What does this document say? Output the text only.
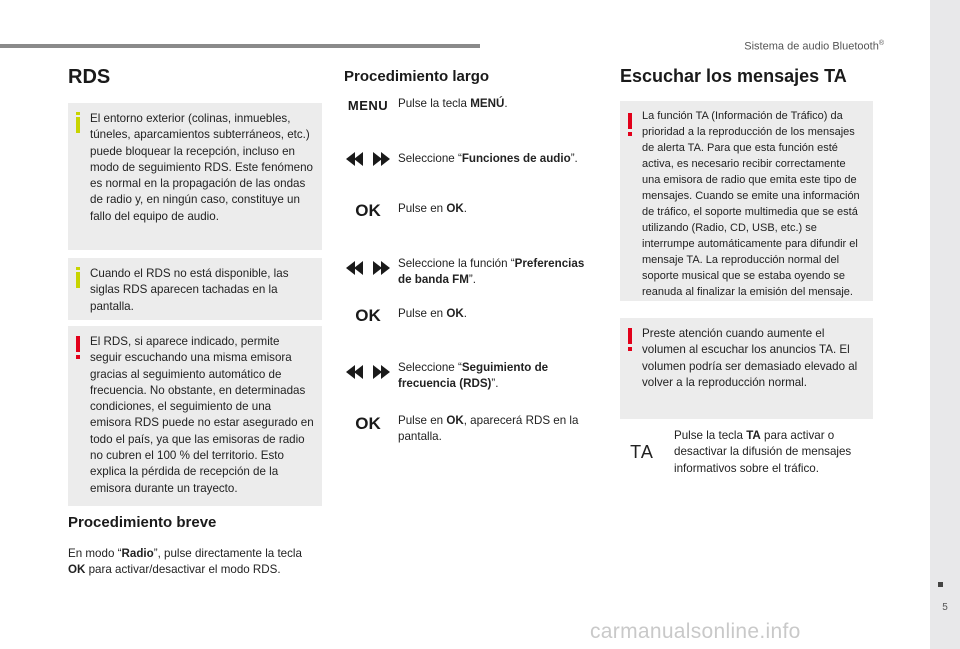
Sistema de audio Bluetooth®
5
RDS
El entorno exterior (colinas, inmuebles, túneles, aparcamientos subterráneos, etc.) puede bloquear la recepción, incluso en modo de seguimiento RDS. Este fenómeno es normal en la propagación de las ondas de radio y, en ningún caso, constituye un fallo del equipo de audio.
Cuando el RDS no está disponible, las siglas RDS aparecen tachadas en la pantalla.
El RDS, si aparece indicado, permite seguir escuchando una misma emisora gracias al seguimiento automático de frecuencia. No obstante, en determinadas condiciones, el seguimiento de una emisora RDS puede no estar asegurado en todo el país, ya que las emisoras de radio no cubren el 100 % del territorio. Esto explica la pérdida de recepción de la emisora durante un trayecto.
Procedimiento breve
En modo “Radio”, pulse directamente la tecla OK para activar/desactivar el modo RDS.
Procedimiento largo
MENU Pulse la tecla MENÚ.
Seleccione “Funciones de audio”.
OK	Pulse en OK.
Seleccione la función “Preferencias de banda FM”.
OK	Pulse en OK.
Seleccione “Seguimiento de frecuencia (RDS)”.
OK	Pulse en OK, aparecerá RDS en la pantalla.
Escuchar los mensajes TA
La función TA (Información de Tráfico) da prioridad a la reproducción de los mensajes de alerta TA. Para que esta función esté activa, es necesario recibir correctamente una emisora de radio que emita este tipo de mensajes. Cuando se emite una información de tráfico, el soporte multimedia que se está utilizando (Radio, CD, USB, etc.) se interrumpe automáticamente para difundir el mensaje TA. La reproducción normal del soporte musical que se estaba oyendo se reanuda al finalizar la emisión del mensaje.
Preste atención cuando aumente el volumen al escuchar los anuncios TA. El volumen podría ser demasiado elevado al volver a la reproducción normal.
TA
Pulse la tecla TA para activar o desactivar la difusión de mensajes informativos sobre el tráfico.
carmanualsonline.info
